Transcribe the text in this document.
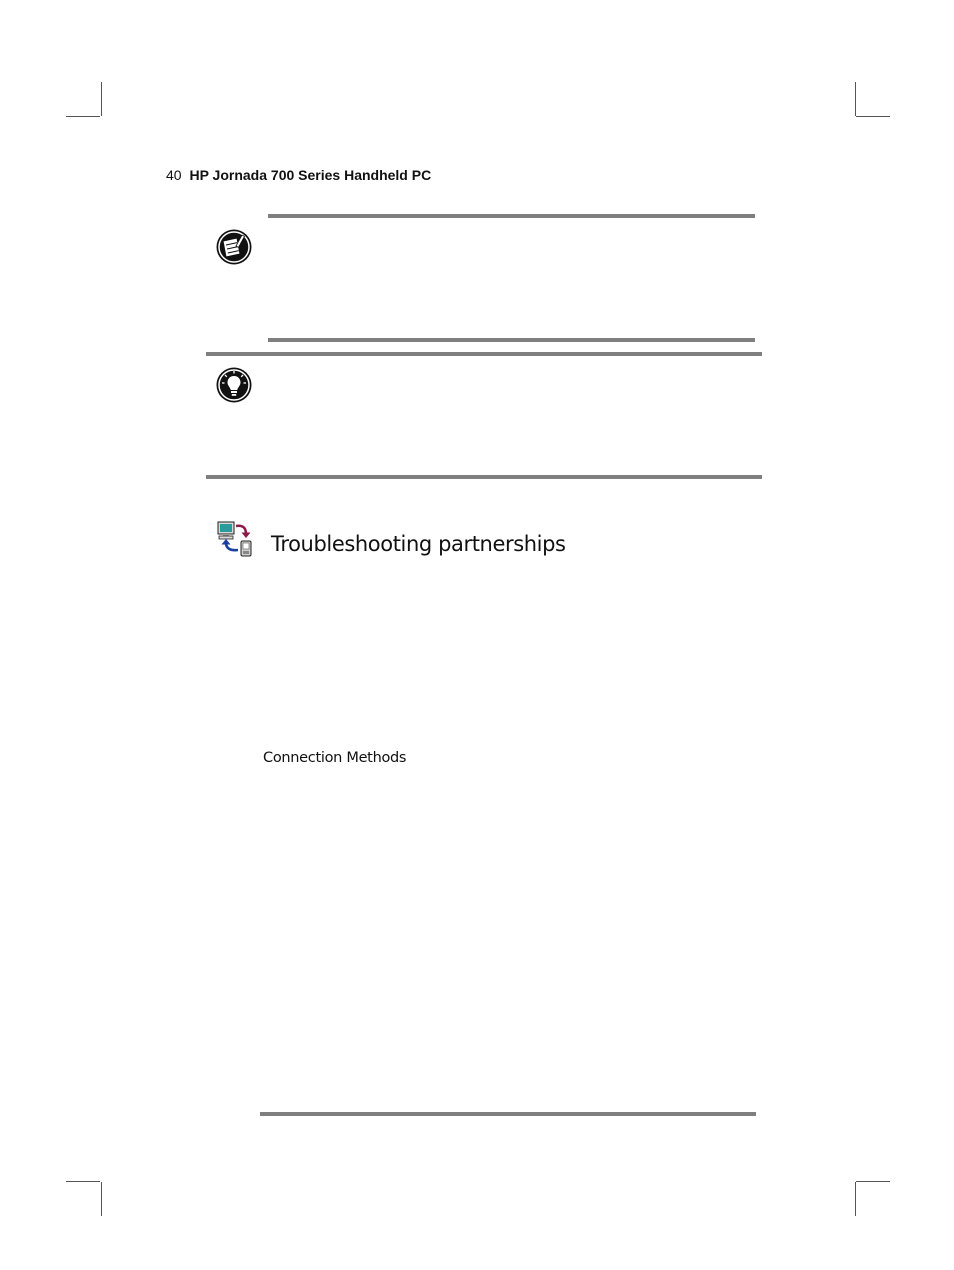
40 HP Jornada 700 Series Handheld PC
Troubleshooting partnerships
Connection Methods
